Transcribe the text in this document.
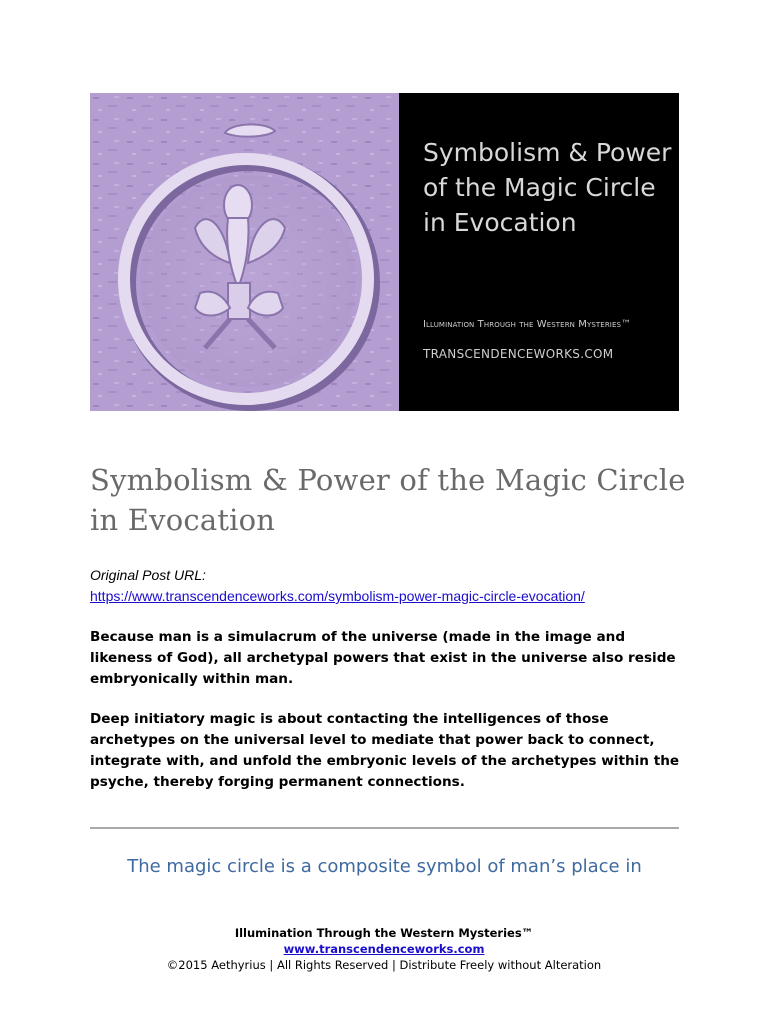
Symbolism & Power of the Magic Circle in Evocation
Illumination Through the Western Mysteries™
TRANSCENDENCEWORKS.COM
Symbolism & Power of the Magic Circle in Evocation
Original Post URL:
https://www.transcendenceworks.com/symbolism-power-magic-circle-evocation/

Because man is a simulacrum of the universe (made in the image and likeness of God), all archetypal powers that exist in the universe also reside embryonically within man.

Deep initiatory magic is about contacting the intelligences of those archetypes on the universal level to mediate that power back to connect, integrate with, and unfold the embryonic levels of the archetypes within the psyche, thereby forging permanent connections.

The magic circle is a composite symbol of man’s place in

Illumination Through the Western Mysteries™
www.transcendenceworks.com
©2015 Aethyrius | All Rights Reserved | Distribute Freely without Alteration
